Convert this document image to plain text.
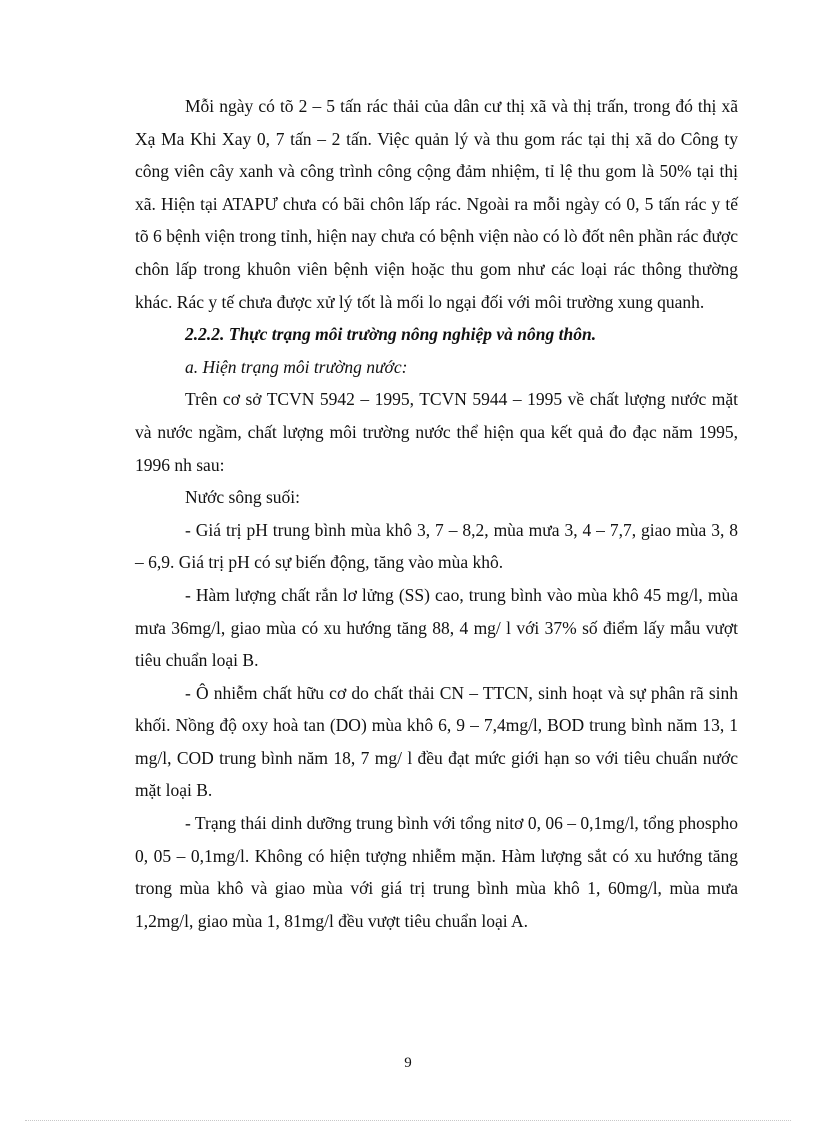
Mỗi ngày có tõ 2 – 5 tấn rác thải của dân cư thị xã và thị trấn, trong đó thị xã Xạ Ma Khi Xay 0, 7 tấn – 2 tấn. Việc quản lý và thu gom rác tại thị xã do Công ty công viên cây xanh và công trình công cộng đảm nhiệm, tỉ lệ thu gom là 50% tại thị xã. Hiện tại ATAPƯ chưa có bãi chôn lấp rác. Ngoài ra mỗi ngày có 0, 5 tấn rác y tế tõ 6 bệnh viện trong tỉnh, hiện nay chưa có bệnh viện nào có lò đốt nên phần rác được chôn lấp trong khuôn viên bệnh viện hoặc thu gom như các loại rác thông thường khác. Rác y tế chưa được xử lý tốt là mối lo ngại đối với môi trường xung quanh.

2.2.2. Thực trạng môi trường nông nghiệp và nông thôn.

a. Hiện trạng môi trường nước:

Trên cơ sở TCVN 5942 – 1995, TCVN 5944 – 1995 về chất lượng nước mặt và nước ngầm, chất lượng môi trường nước thể hiện qua kết quả đo đạc năm 1995, 1996 nh sau:

Nước sông suối:

- Giá trị pH trung bình mùa khô 3, 7 – 8,2, mùa mưa 3, 4 – 7,7, giao mùa 3, 8 – 6,9. Giá trị pH có sự biến động, tăng vào mùa khô.

- Hàm lượng chất rắn lơ lửng (SS) cao, trung bình vào mùa khô 45 mg/l, mùa mưa 36mg/l, giao mùa có xu hướng tăng 88, 4 mg/ l với 37% số điểm lấy mẫu vượt tiêu chuẩn loại B.

- Ô nhiễm chất hữu cơ do chất thải CN – TTCN, sinh hoạt và sự phân rã sinh khối. Nồng độ oxy hoà tan (DO) mùa khô 6, 9 – 7,4mg/l, BOD trung bình năm 13, 1 mg/l, COD trung bình năm 18, 7 mg/ l đều đạt mức giới hạn so với tiêu chuẩn nước mặt loại B.

- Trạng thái dinh dưỡng trung bình với tổng nitơ 0, 06 – 0,1mg/l, tổng phospho 0, 05 – 0,1mg/l. Không có hiện tượng nhiễm mặn. Hàm lượng sắt có xu hướng tăng trong mùa khô và giao mùa với giá trị trung bình mùa khô 1, 60mg/l, mùa mưa 1,2mg/l, giao mùa 1, 81mg/l đều vượt tiêu chuẩn loại A.

9
